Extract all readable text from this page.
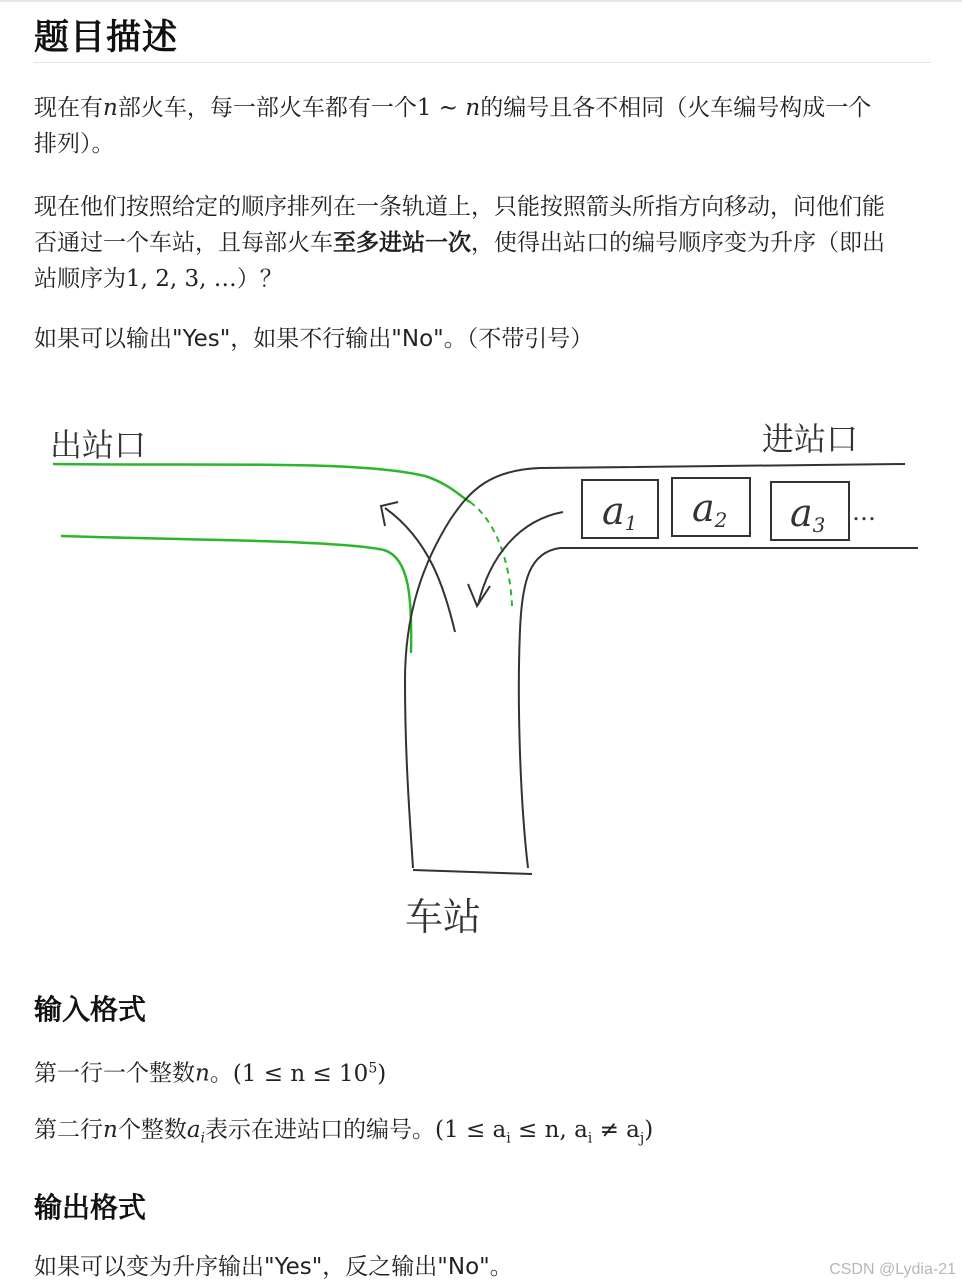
题目描述
现在有n部火车，每一部火车都有一个1 ∼ n的编号且各不相同（火车编号构成一个
排列）。
现在他们按照给定的顺序排列在一条轨道上，只能按照箭头所指方向移动，问他们能
否通过一个车站，且每部火车至多进站一次，使得出站口的编号顺序变为升序（即出
站顺序为1, 2, 3, …）？
如果可以输出"Yes"，如果不行输出"No"。（不带引号）
a1 a2 a3 …
出站口	进站口
车站
输入格式
第一行一个整数n。$(1 \le n \le 10^5)$
第二行n个整数$a_i$表示在进站口的编号。($1 \le a_i \le n$, $a_i \ne a_j$)
输出格式
如果可以变为升序输出"Yes"，反之输出"No"。	CSDN @Lydia-21
